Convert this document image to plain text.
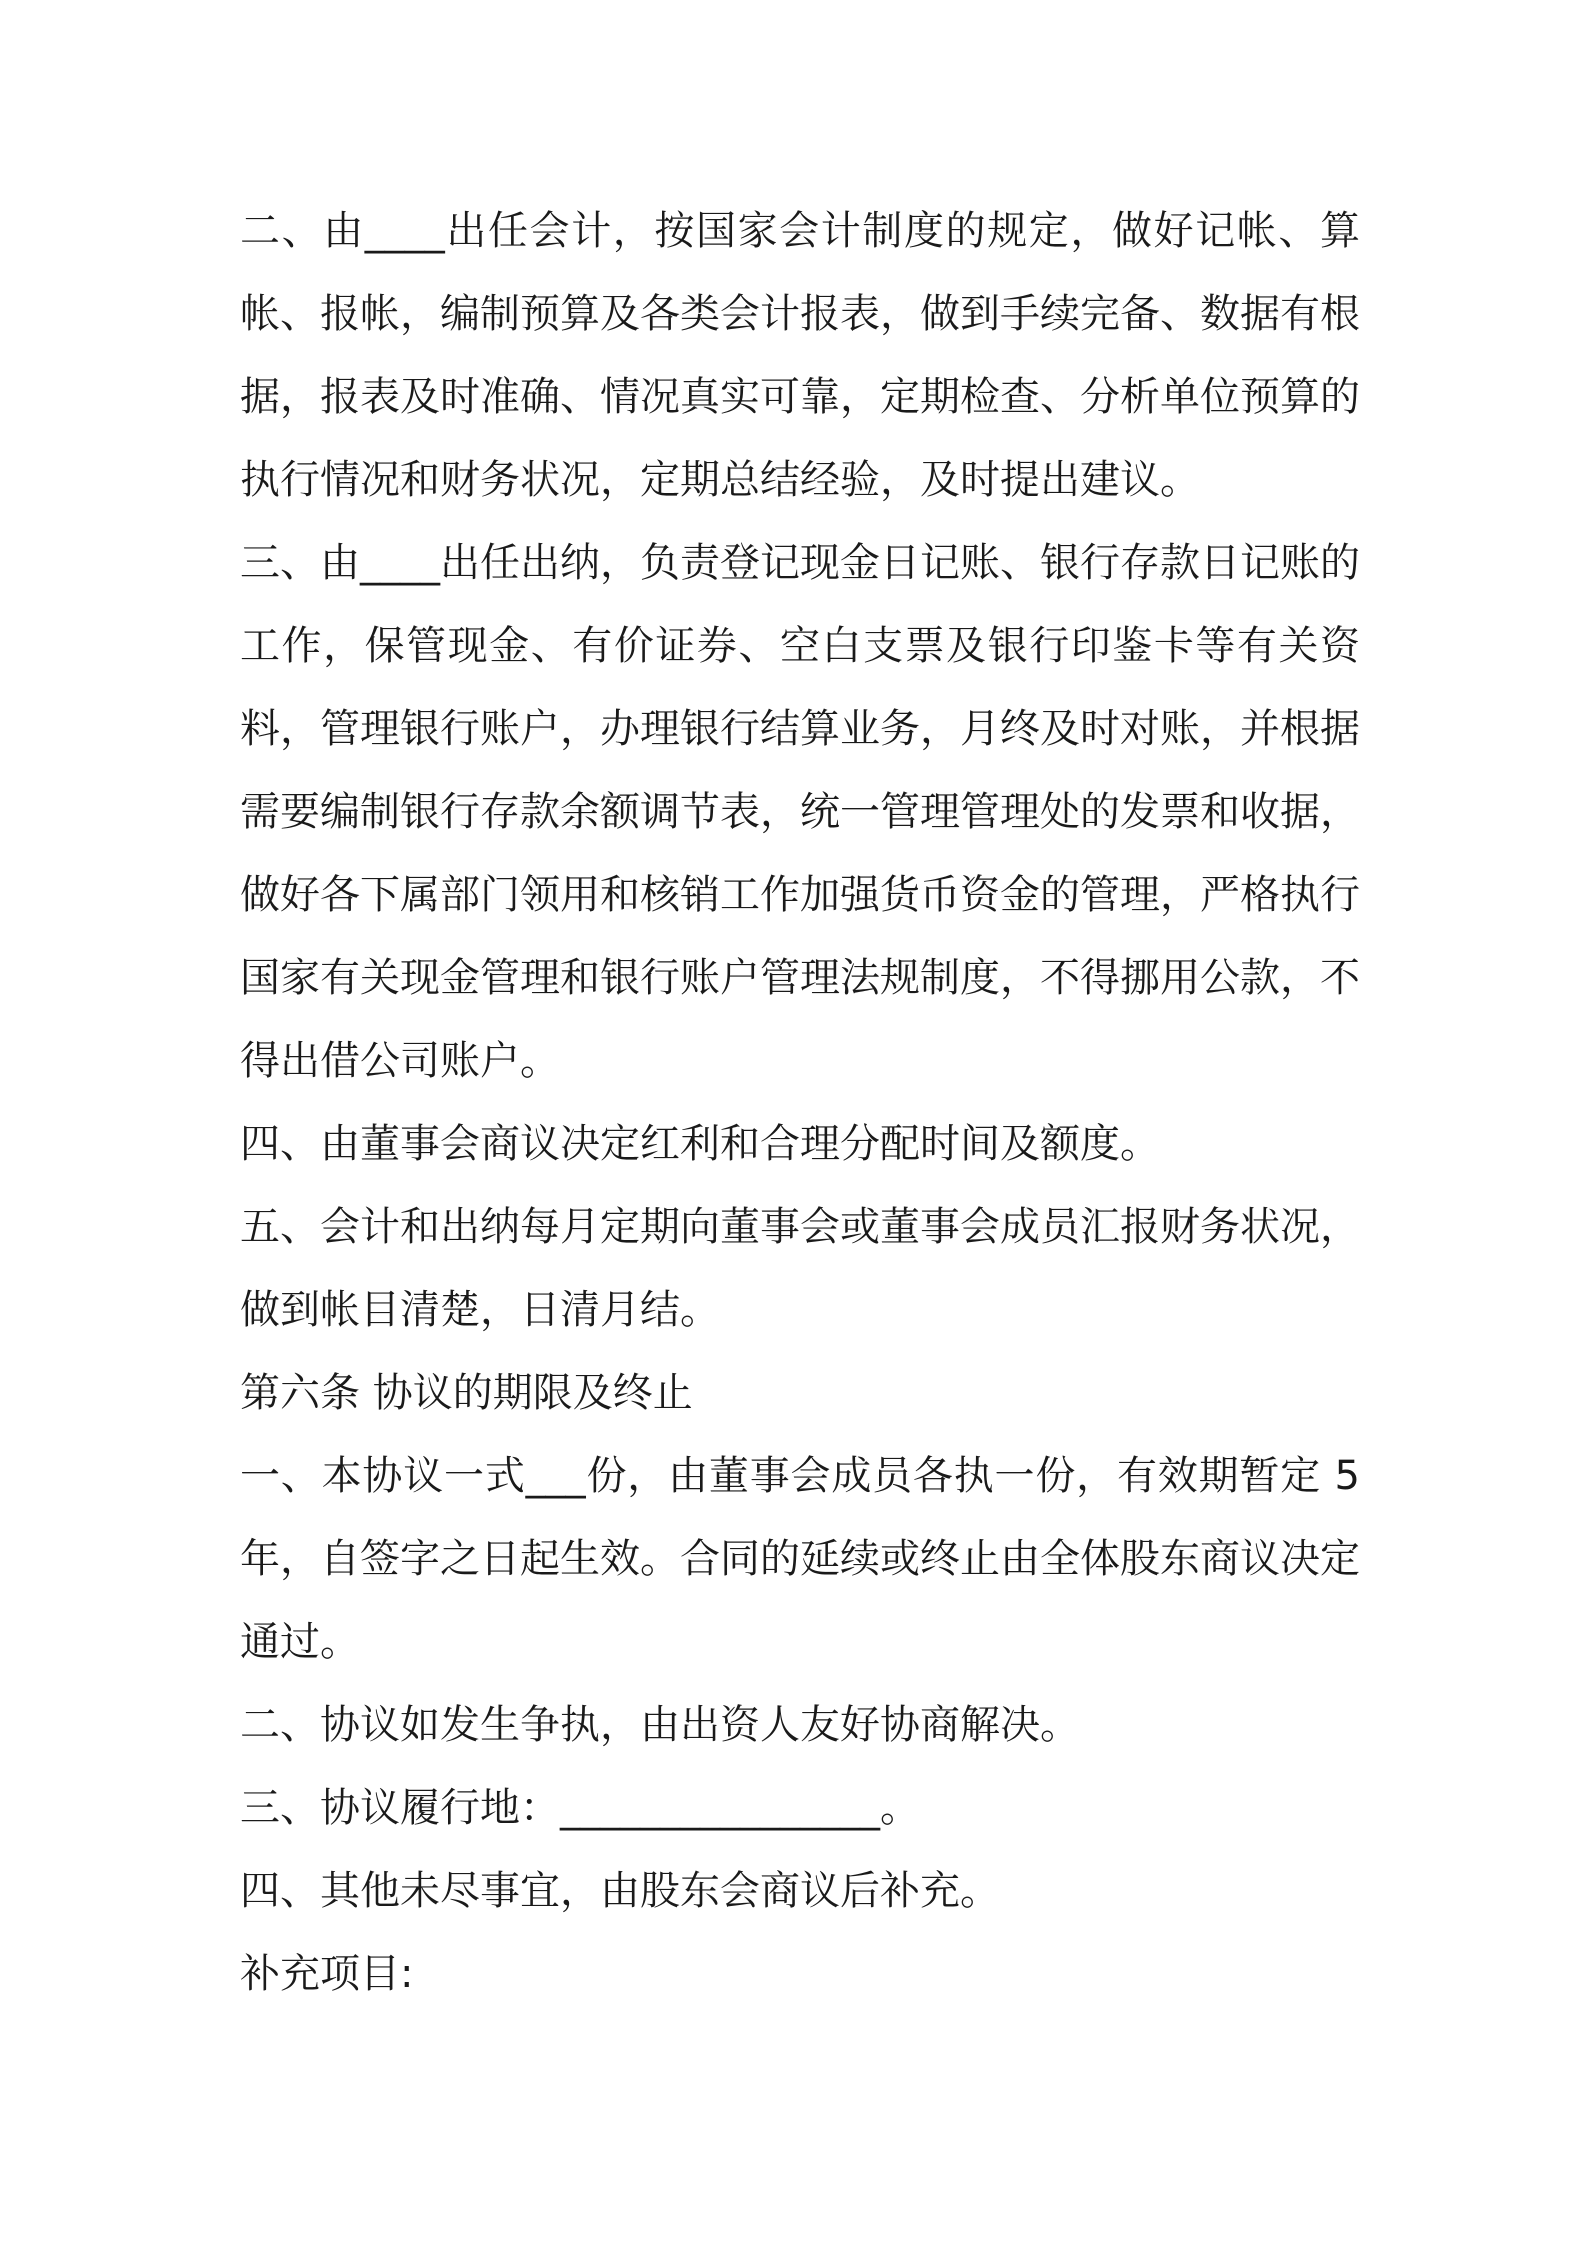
二、由____出任会计，按国家会计制度的规定，做好记帐、算帐、报帐，编制预算及各类会计报表，做到手续完备、数据有根据，报表及时准确、情况真实可靠，定期检查、分析单位预算的执行情况和财务状况，定期总结经验，及时提出建议。

三、由____出任出纳，负责登记现金日记账、银行存款日记账的工作，保管现金、有价证券、空白支票及银行印鉴卡等有关资料，管理银行账户，办理银行结算业务，月终及时对账，并根据需要编制银行存款余额调节表，统一管理管理处的发票和收据，做好各下属部门领用和核销工作加强货币资金的管理，严格执行国家有关现金管理和银行账户管理法规制度，不得挪用公款，不得出借公司账户。

四、由董事会商议决定红利和合理分配时间及额度。

五、会计和出纳每月定期向董事会或董事会成员汇报财务状况，做到帐目清楚，日清月结。

第六条 协议的期限及终止

一、本协议一式___份，由董事会成员各执一份，有效期暂定 5 年，自签字之日起生效。合同的延续或终止由全体股东商议决定通过。

二、协议如发生争执，由出资人友好协商解决。

三、协议履行地：________________。

四、其他未尽事宜，由股东会商议后补充。

补充项目:
